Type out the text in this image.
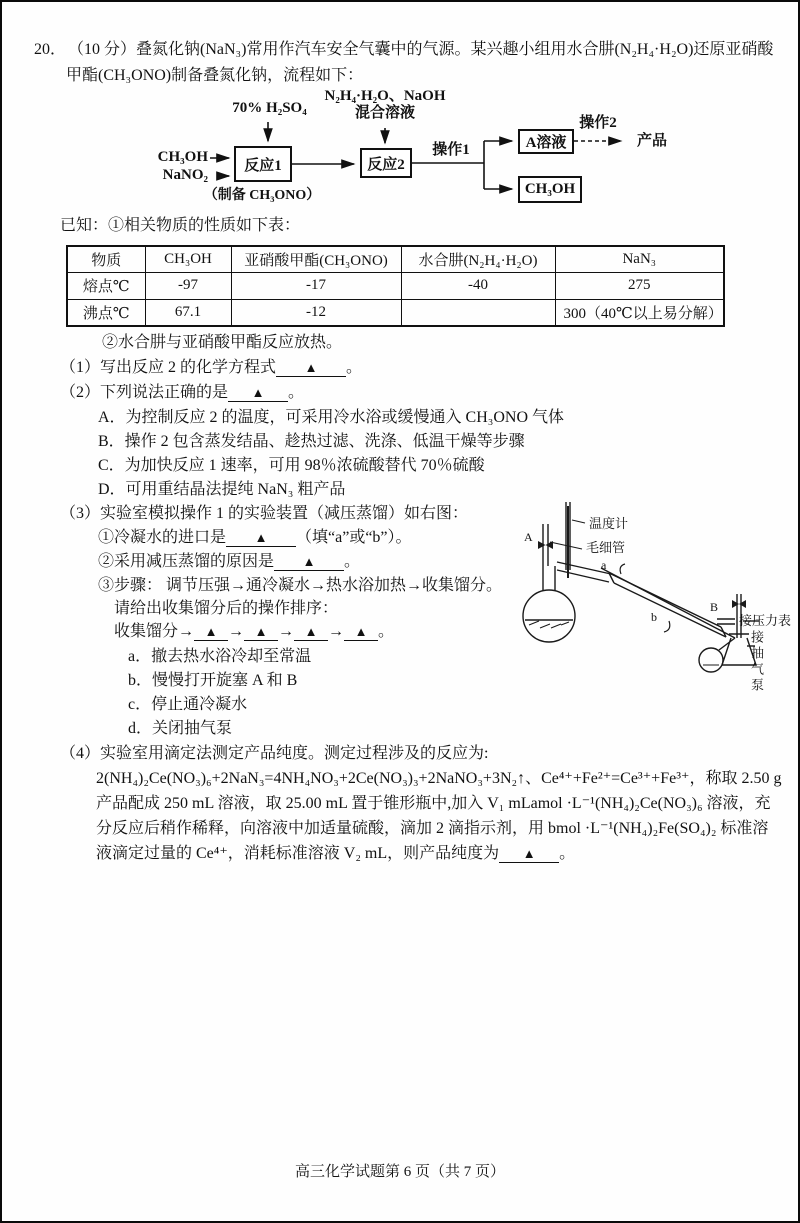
20． （10 分）叠氮化钠(NaN₃)常用作汽车安全气囊中的气源。某兴趣小组用水合肼(N₂H₄·H₂O)还原亚硝酸
甲酯(CH₃ONO)制备叠氮化钠，流程如下：
70% H₂SO₄
N₂H₄·H₂O、NaOH
混合溶液
CH₃OH
NaNO₂
反应1
（制备 CH₃ONO）
反应2
操作1	A溶液
操作2
产品
CH₃OH
已知：①相关物质的性质如下表：
物质	CH₃OH	亚硝酸甲酯(CH₃ONO)	水合肼(N₂H₄·H₂O)	NaN₃
熔点℃	-97	-17	-40	275
沸点℃	67.1	-12		300（40℃以上易分解）
②水合肼与亚硝酸甲酯反应放热。
（1）写出反应 2 的化学方程式 ▲ 。
（2）下列说法正确的是 ▲ 。
A．为控制反应 2 的温度，可采用冷水浴或缓慢通入 CH₃ONO 气体
B．操作 2 包含蒸发结晶、趁热过滤、洗涤、低温干燥等步骤
C．为加快反应 1 速率，可用 98％浓硫酸替代 70％硫酸
D．可用重结晶法提纯 NaN₃ 粗产品
（3）实验室模拟操作 1 的实验装置（减压蒸馏）如右图：
①冷凝水的进口是 ▲ （填“a”或“b”）。
②采用减压蒸馏的原因是 ▲ 。
③步骤： 调节压强→通冷凝水→热水浴加热→收集馏分。
请给出收集馏分后的操作排序：
收集馏分→ ▲ → ▲ → ▲ → ▲ 。
a．撤去热水浴冷却至常温
b．慢慢打开旋塞 A 和 B
c．停止通冷凝水
d．关闭抽气泵
A
温度计
毛细管
a
b
B
接压力表
接抽气泵
（4）实验室用滴定法测定产品纯度。测定过程涉及的反应为:
2(NH₄)₂Ce(NO₃)₆+2NaN₃=4NH₄NO₃+2Ce(NO₃)₃+2NaNO₃+3N₂↑、Ce⁴⁺+Fe²⁺=Ce³⁺+Fe³⁺，称取 2.50 g
产品配成 250 mL 溶液，取 25.00 mL 置于锥形瓶中,加入 V₁ mLamol ·L⁻¹(NH₄)₂Ce(NO₃)₆ 溶液，充
分反应后稍作稀释，向溶液中加适量硫酸，滴加 2 滴指示剂，用 bmol ·L⁻¹(NH₄)₂Fe(SO₄)₂ 标准溶
液滴定过量的 Ce⁴⁺，消耗标准溶液 V₂ mL，则产品纯度为 ▲ 。
高三化学试题第 6 页（共 7 页）
